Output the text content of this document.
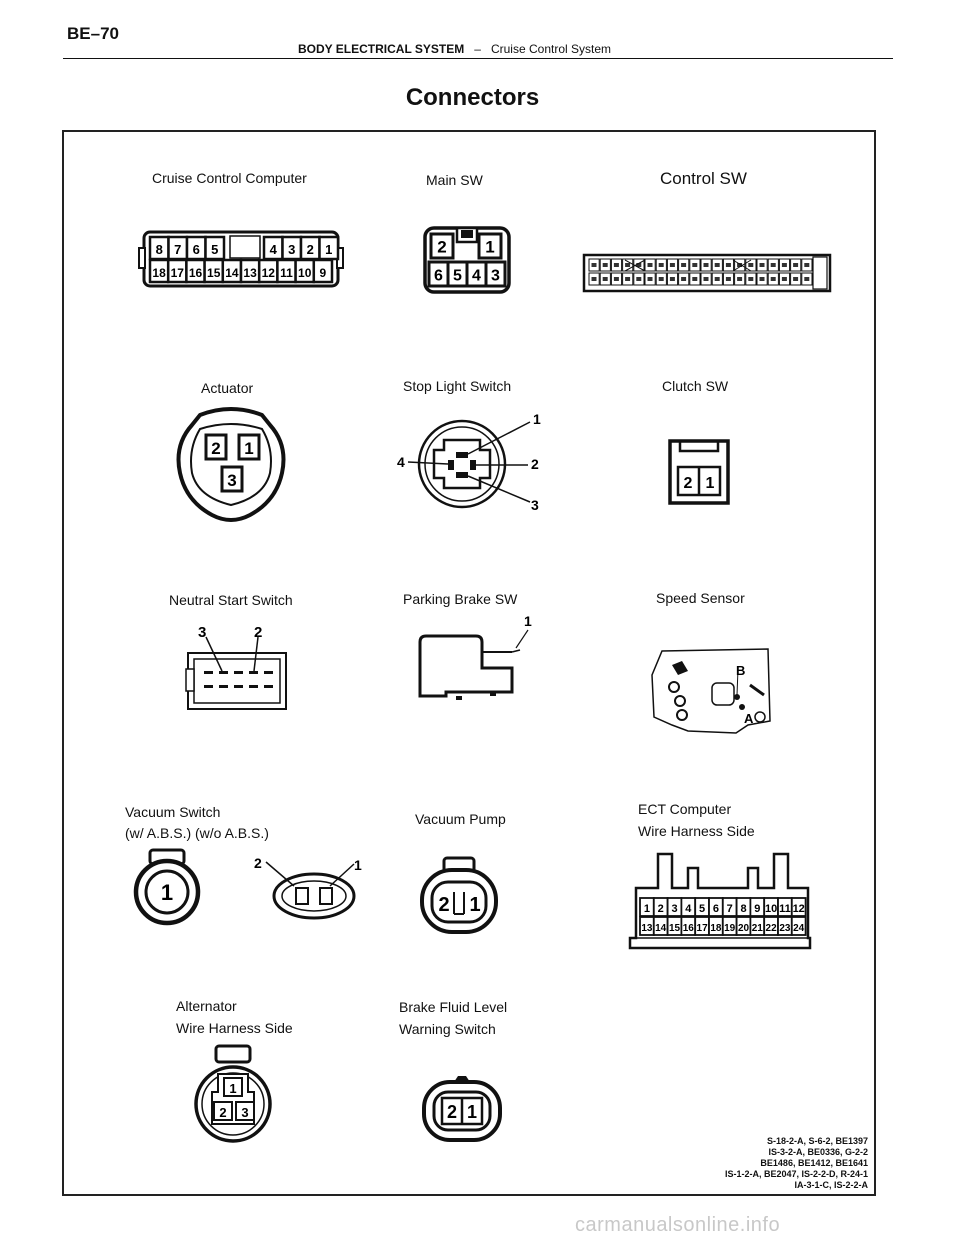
BE–70
BODY ELECTRICAL SYSTEM – Cruise Control System
Connectors
Cruise Control Computer	Main SW	Control SW
Actuator	Stop Light Switch	Clutch SW
Neutral Start Switch	Parking Brake SW	Speed Sensor
Vacuum Switch
(w/ A.B.S.) (w/o A.B.S.)
Vacuum Pump
ECT Computer
Wire Harness Side
Alternator
Wire Harness Side
Brake Fluid Level
Warning Switch
8 7 6 5	4 3 2 1
18 17 16 15 14 13 12 11 10 9
2 1
6 5 4 3
2 1
3
1
2
3
4
2 1
3	2
1
B
A
1
2	1
2 1	1 2 3 4 5 6 7 8 9 10 11 12
13 14 15 16 17 18 19 20 21 22 23 24
1
2 3	2 1
S-18-2-A, S-6-2, BE1397
IS-3-2-A, BE0336, G-2-2
BE1486, BE1412, BE1641
IS-1-2-A, BE2047, IS-2-2-D, R-24-1
IA-3-1-C, IS-2-2-A
carmanualsonline.info
